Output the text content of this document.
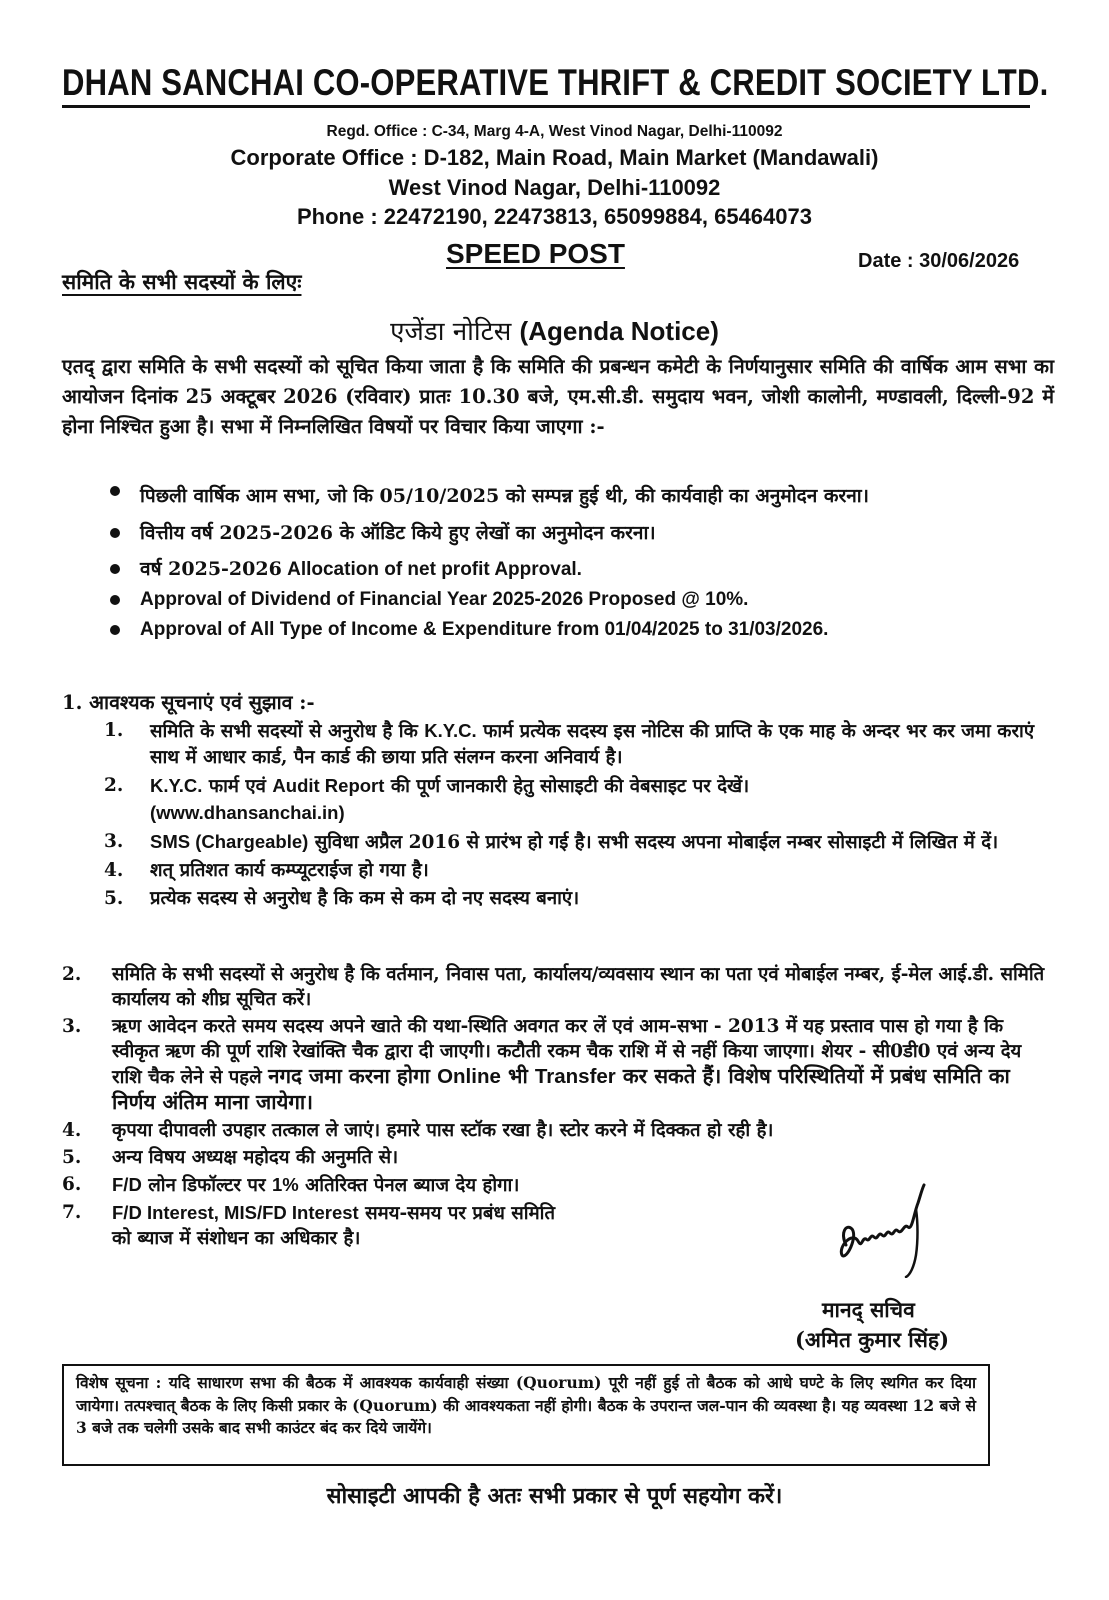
DHAN SANCHAI CO-OPERATIVE THRIFT & CREDIT SOCIETY LTD.
Regd. Office : C-34, Marg 4-A, West Vinod Nagar, Delhi-110092
Corporate Office : D-182, Main Road, Main Market (Mandawali)
West Vinod Nagar, Delhi-110092
Phone : 22472190, 22473813, 65099884, 65464073
SPEED POST	Date : 30/06/2026
समिति के सभी सदस्यों के लिएः
एजेंडा नोटिस (Agenda Notice)
एतद् द्वारा समिति के सभी सदस्यों को सूचित किया जाता है कि समिति की प्रबन्धन कमेटी के निर्णयानुसार समिति की वार्षिक आम सभा का आयोजन दिनांक 25 अक्टूबर 2026 (रविवार) प्रातः 10.30 बजे, एम.सी.डी. समुदाय भवन, जोशी कालोनी, मण्डावली, दिल्ली-92 में होना निश्चित हुआ है। सभा में निम्नलिखित विषयों पर विचार किया जाएगा :-
पिछली वार्षिक आम सभा, जो कि 05/10/2025 को सम्पन्न हुई थी, की कार्यवाही का अनुमोदन करना।
वित्तीय वर्ष 2025-2026 के ऑडिट किये हुए लेखों का अनुमोदन करना।
वर्ष 2025-2026 Allocation of net profit Approval.
Approval of Dividend of Financial Year 2025-2026 Proposed @ 10%.
Approval of All Type of Income & Expenditure from 01/04/2025 to 31/03/2026.
1. आवश्यक सूचनाएं एवं सुझाव :-
1. समिति के सभी सदस्यों से अनुरोध है कि K.Y.C. फार्म प्रत्येक सदस्य इस नोटिस की प्राप्ति के एक माह के अन्दर भर कर जमा कराएं साथ में आधार कार्ड, पैन कार्ड की छाया प्रति संलग्न करना अनिवार्य है।
2. K.Y.C. फार्म एवं Audit Report की पूर्ण जानकारी हेतु सोसाइटी की वेबसाइट पर देखें।
(www.dhansanchai.in)
3. SMS (Chargeable) सुविधा अप्रैल 2016 से प्रारंभ हो गई है। सभी सदस्य अपना मोबाईल नम्बर सोसाइटी में लिखित में दें।
4. शत् प्रतिशत कार्य कम्प्यूटराईज हो गया है।
5. प्रत्येक सदस्य से अनुरोध है कि कम से कम दो नए सदस्य बनाएं।
2. समिति के सभी सदस्यों से अनुरोध है कि वर्तमान, निवास पता, कार्यालय/व्यवसाय स्थान का पता एवं मोबाईल नम्बर, ई-मेल आई.डी. समिति कार्यालय को शीघ्र सूचित करें।
3. ऋण आवेदन करते समय सदस्य अपने खाते की यथा-स्थिति अवगत कर लें एवं आम-सभा - 2013 में यह प्रस्ताव पास हो गया है कि स्वीकृत ऋण की पूर्ण राशि रेखांक्ति चैक द्वारा दी जाएगी। कटौती रकम चैक राशि में से नहीं किया जाएगा। शेयर - सी0डी0 एवं अन्य देय राशि चैक लेने से पहले नगद जमा करना होगा Online भी Transfer कर सकते हैं। विशेष परिस्थितियों में प्रबंध समिति का निर्णय अंतिम माना जायेगा।
4. कृपया दीपावली उपहार तत्काल ले जाएं। हमारे पास स्टॉक रखा है। स्टोर करने में दिक्कत हो रही है।
5. अन्य विषय अध्यक्ष महोदय की अनुमति से।
6. F/D लोन डिफॉल्टर पर 1% अतिरिक्त पेनल ब्याज देय होगा।
7. F/D Interest, MIS/FD Interest समय-समय पर प्रबंध समिति
को ब्याज में संशोधन का अधिकार है।
मानद् सचिव
(अमित कुमार सिंह)
विशेष सूचना : यदि साधारण सभा की बैठक में आवश्यक कार्यवाही संख्या (Quorum) पूरी नहीं हुई तो बैठक को आधे घण्टे के लिए स्थगित कर दिया जायेगा। तत्पश्चात् बैठक के लिए किसी प्रकार के (Quorum) की आवश्यकता नहीं होगी। बैठक के उपरान्त जल-पान की व्यवस्था है। यह व्यवस्था 12 बजे से 3 बजे तक चलेगी उसके बाद सभी काउंटर बंद कर दिये जायेंगे।
सोसाइटी आपकी है अतः सभी प्रकार से पूर्ण सहयोग करें।
